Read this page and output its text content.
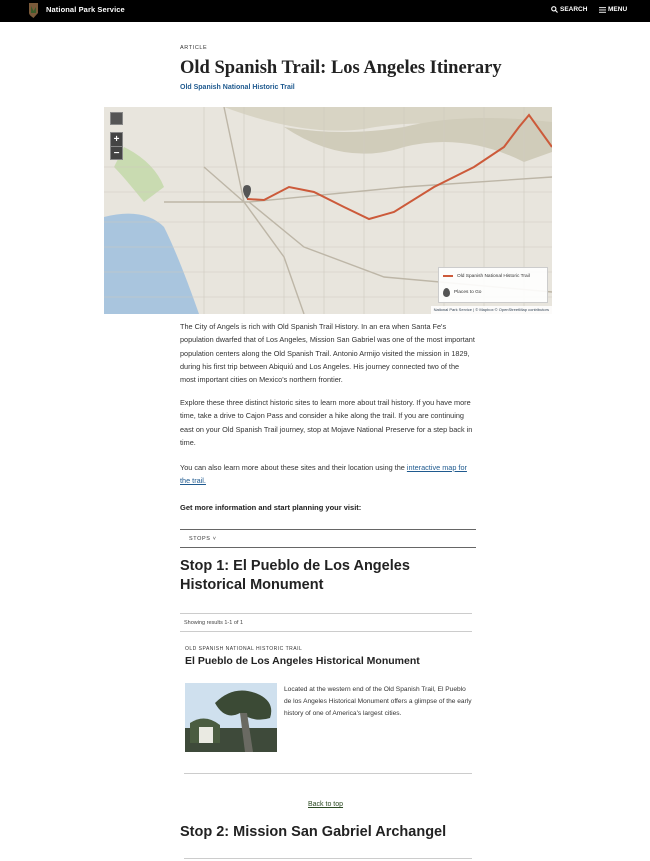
National Park Service	SEARCH	MENU
ARTICLE
Old Spanish Trail: Los Angeles Itinerary
Old Spanish National Historic Trail
+
−
Old Spanish National Historic Trail
Places to Go
National Park Service | © Mapbox © OpenStreetMap contributors

The City of Angels is rich with Old Spanish Trail History. In an era when Santa Fe's population dwarfed that of Los Angeles, Mission San Gabriel was one of the most important population centers along the Old Spanish Trail. Antonio Armijo visited the mission in 1829, during his first trip between Abiquiú and Los Angeles. His journey connected two of the most important cities on Mexico's northern frontier.

Explore these three distinct historic sites to learn more about trail history. If you have more time, take a drive to Cajon Pass and consider a hike along the trail. If you are continuing east on your Old Spanish Trail journey, stop at Mojave National Preserve for a step back in time.

You can also learn more about these sites and their location using the interactive map for the trail.

Get more information and start planning your visit:
STOPS ˅
Stop 1: El Pueblo de Los Angeles Historical Monument
Showing results 1-1 of 1
OLD SPANISH NATIONAL HISTORIC TRAIL
El Pueblo de Los Angeles Historical Monument

Located at the western end of the Old Spanish Trail, El Pueblo de los Angeles Historical Monument offers a glimpse of the early history of one of America's largest cities.

Back to top
Stop 2: Mission San Gabriel Archangel
